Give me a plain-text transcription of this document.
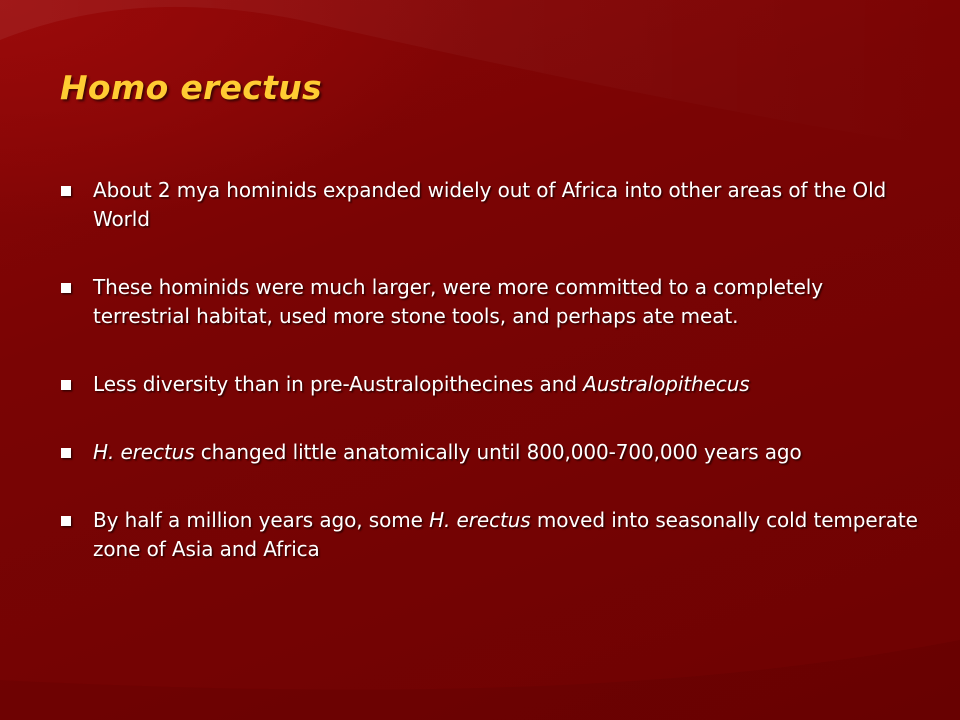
Homo erectus
About 2 mya hominids expanded widely out of Africa into other areas of the Old World
These hominids were much larger, were more committed to a completely terrestrial habitat, used more stone tools, and perhaps ate meat.
Less diversity than in pre-Australopithecines and Australopithecus
H. erectus changed little anatomically until 800,000-700,000 years ago
By half a million years ago, some H. erectus moved into seasonally cold temperate zone of Asia and Africa
